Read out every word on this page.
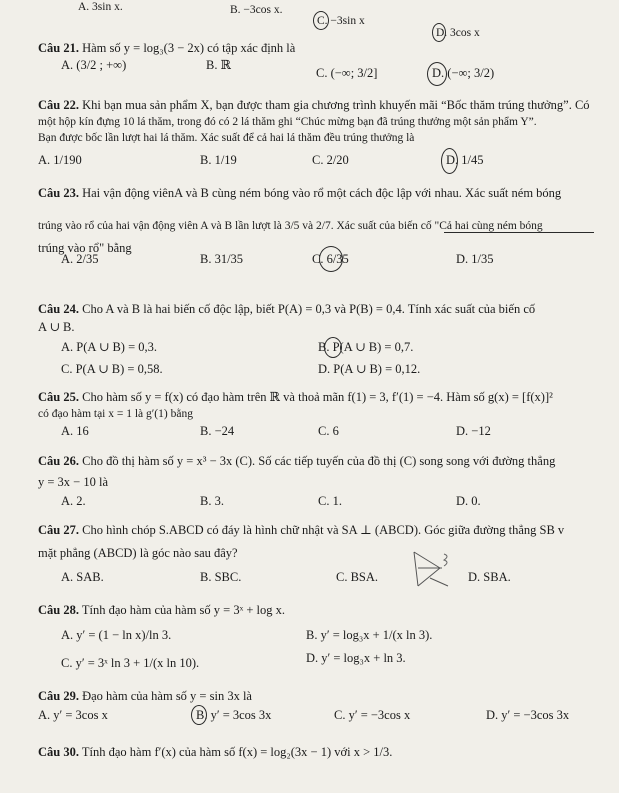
A. 3sin x.	B. −3cos x.
C. −3sin x
D. 3cos x
Câu 21. Hàm số y = log₃(3 − 2x) có tập xác định là
A. (3/2 ; +∞)	B. ℝ
C. (−∞; 3/2]	D. (−∞; 3/2)
Câu 22. Khi bạn mua sản phẩm X, bạn được tham gia chương trình khuyến mãi “Bốc thăm trúng thưởng”. Có
một hộp kín đựng 10 lá thăm, trong đó có 2 lá thăm ghi “Chúc mừng bạn đã trúng thưởng một sản phẩm Y”.
Bạn được bốc lần lượt hai lá thăm. Xác suất để cả hai lá thăm đều trúng thưởng là
A. 1/190	B. 1/19	C. 2/20	D. 1/45
Câu 23. Hai vận động viênA và B cùng ném bóng vào rổ một cách độc lập với nhau. Xác suất ném bóng
trúng vào rổ của hai vận động viên A và B lần lượt là 3/5 và 2/7. Xác suất của biến cố "Cả hai cùng ném bóng
trúng vào rổ" bằng
A. 2/35	B. 31/35	C. 6/35	D. 1/35
Câu 24. Cho A và B là hai biến cố độc lập, biết P(A) = 0,3 và P(B) = 0,4. Tính xác suất của biến cố
A ∪ B.
A. P(A ∪ B) = 0,3.	B. P(A ∪ B) = 0,7.
C. P(A ∪ B) = 0,58.	D. P(A ∪ B) = 0,12.
Câu 25. Cho hàm số y = f(x) có đạo hàm trên ℝ và thoả mãn f(1) = 3, f′(1) = −4. Hàm số g(x) = [f(x)]²
có đạo hàm tại x = 1 là g′(1) bằng
A. 16	B. −24	C. 6	D. −12
Câu 26. Cho đồ thị hàm số y = x³ − 3x (C). Số các tiếp tuyến của đồ thị (C) song song với đường thẳng
y = 3x − 10 là
A. 2.	B. 3.	C. 1.	D. 0.
Câu 27. Cho hình chóp S.ABCD có đáy là hình chữ nhật và SA ⊥ (ABCD). Góc giữa đường thẳng SB v
mặt phẳng (ABCD) là góc nào sau đây?
A. SAB.	B. SBC.	C. BSA.	D. SBA.
Câu 28. Tính đạo hàm của hàm số y = 3ˣ + log x.
A. y′ = (1 − ln x)/ln 3.	B. y′ = log₃x + 1/(x ln 3).
C. y′ = 3ˣ ln 3 + 1/(x ln 10).	D. y′ = log₃x + ln 3.
Câu 29. Đạo hàm của hàm số y = sin 3x là
A. y′ = 3cos x	B. y′ = 3cos 3x	C. y′ = −3cos x	D. y′ = −3cos 3x
Câu 30. Tính đạo hàm f′(x) của hàm số f(x) = log₂(3x − 1) với x > 1/3.
